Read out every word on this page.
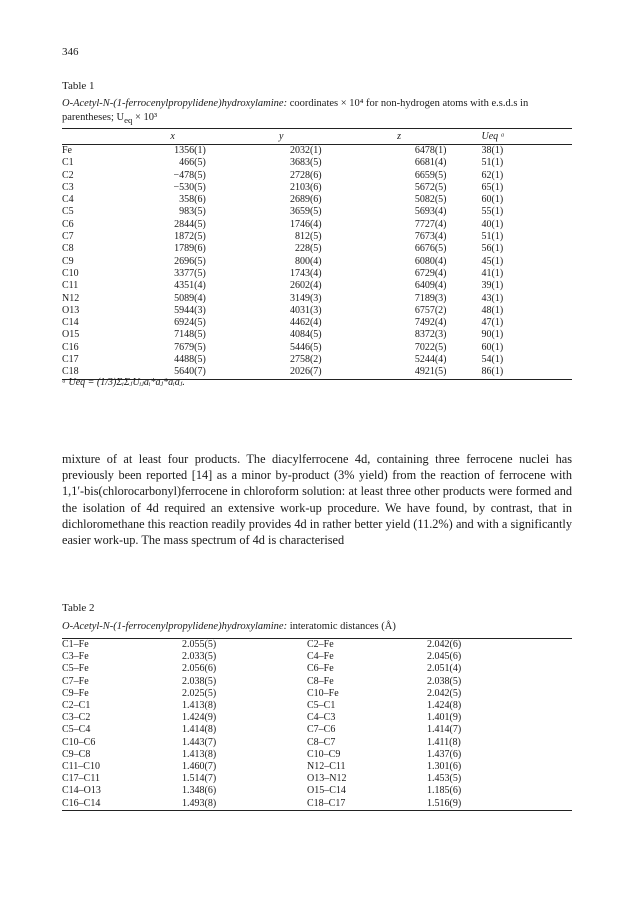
346
Table 1
O-Acetyl-N-(1-ferrocenylpropylidene)hydroxylamine: coordinates × 10⁴ for non-hydrogen atoms with e.s.d.s in parentheses; $U_{eq} \times 10^3$
	x	y	z	Ueq ᵃ
Fe	1356(1)	2032(1)	6478(1)	38(1)
C1	466(5)	3683(5)	6681(4)	51(1)
C2	−478(5)	2728(6)	6659(5)	62(1)
C3	−530(5)	2103(6)	5672(5)	65(1)
C4	358(6)	2689(6)	5082(5)	60(1)
C5	983(5)	3659(5)	5693(4)	55(1)
C6	2844(5)	1746(4)	7727(4)	40(1)
C7	1872(5)	812(5)	7673(4)	51(1)
C8	1789(6)	228(5)	6676(5)	56(1)
C9	2696(5)	800(4)	6080(4)	45(1)
C10	3377(5)	1743(4)	6729(4)	41(1)
C11	4351(4)	2602(4)	6409(4)	39(1)
N12	5089(4)	3149(3)	7189(3)	43(1)
O13	5944(3)	4031(3)	6757(2)	48(1)
C14	6924(5)	4462(4)	7492(4)	47(1)
O15	7148(5)	4084(5)	8372(3)	90(1)
C16	7679(5)	5446(5)	7022(5)	60(1)
C17	4488(5)	2758(2)	5244(4)	54(1)
C18	5640(7)	2026(7)	4921(5)	86(1)
ᵃ Ueq = (1/3)ΣᵢΣⱼUᵢⱼaᵢ*aⱼ*aᵢaⱼ.

mixture of at least four products. The diacylferrocene 4d, containing three ferrocene nuclei has previously been reported [14] as a minor by-product (3% yield) from the reaction of ferrocene with 1,1′-bis(chlorocarbonyl)ferrocene in chloroform solution: at least three other products were formed and the isolation of 4d required an extensive work-up procedure. We have found, by contrast, that in dichloromethane this reaction readily provides 4d in rather better yield (11.2%) and with a significantly easier work-up. The mass spectrum of 4d is characterised

Table 2
O-Acetyl-N-(1-ferrocenylpropylidene)hydroxylamine: interatomic distances (Å)
C1–Fe	2.055(5)	C2–Fe	2.042(6)
C3–Fe	2.033(5)	C4–Fe	2.045(6)
C5–Fe	2.056(6)	C6–Fe	2.051(4)
C7–Fe	2.038(5)	C8–Fe	2.038(5)
C9–Fe	2.025(5)	C10–Fe	2.042(5)
C2–C1	1.413(8)	C5–C1	1.424(8)
C3–C2	1.424(9)	C4–C3	1.401(9)
C5–C4	1.414(8)	C7–C6	1.414(7)
C10–C6	1.443(7)	C8–C7	1.411(8)
C9–C8	1.413(8)	C10–C9	1.437(6)
C11–C10	1.460(7)	N12–C11	1.301(6)
C17–C11	1.514(7)	O13–N12	1.453(5)
C14–O13	1.348(6)	O15–C14	1.185(6)
C16–C14	1.493(8)	C18–C17	1.516(9)
